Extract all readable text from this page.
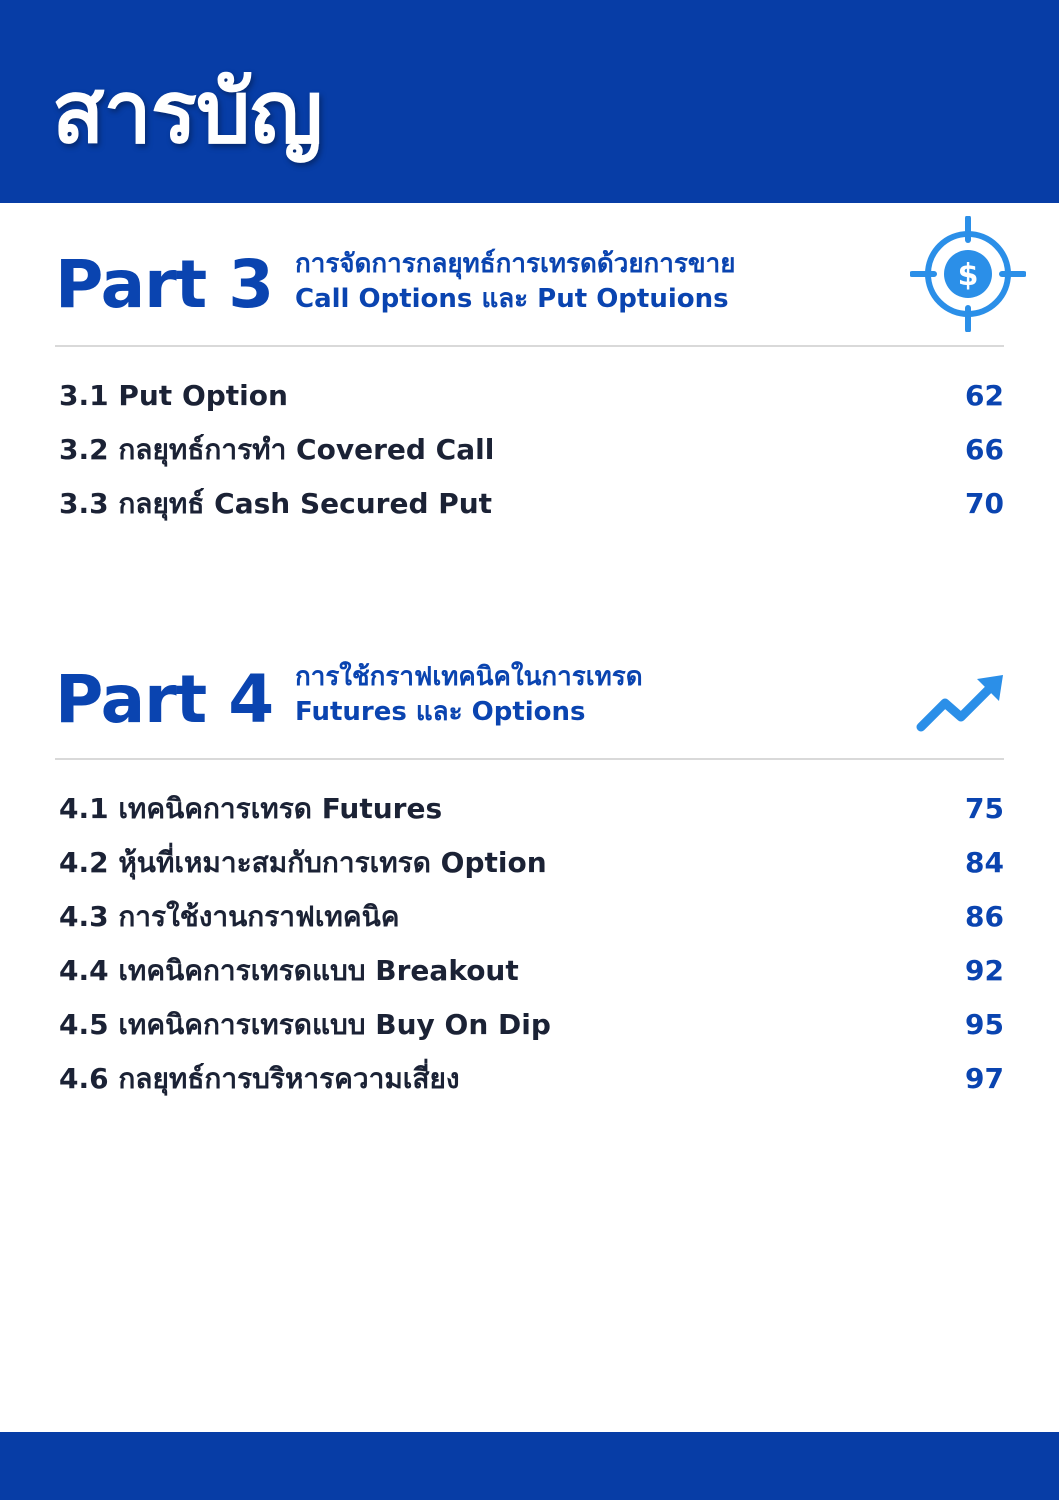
สารบัญ
Part 3 การจัดการกลยุทธ์การเทรดด้วยการขาย
Call Options และ Put Optuions
$
3.1 Put Option	62
3.2 กลยุทธ์การทำ Covered Call	66
3.3 กลยุทธ์ Cash Secured Put	70
Part 4 การใช้กราฟเทคนิคในการเทรด
Futures และ Options
4.1 เทคนิคการเทรด Futures	75
4.2 หุ้นที่เหมาะสมกับการเทรด Option	84
4.3 การใช้งานกราฟเทคนิค	86
4.4 เทคนิคการเทรดแบบ Breakout	92
4.5 เทคนิคการเทรดแบบ Buy On Dip	95
4.6 กลยุทธ์การบริหารความเสี่ยง	97
